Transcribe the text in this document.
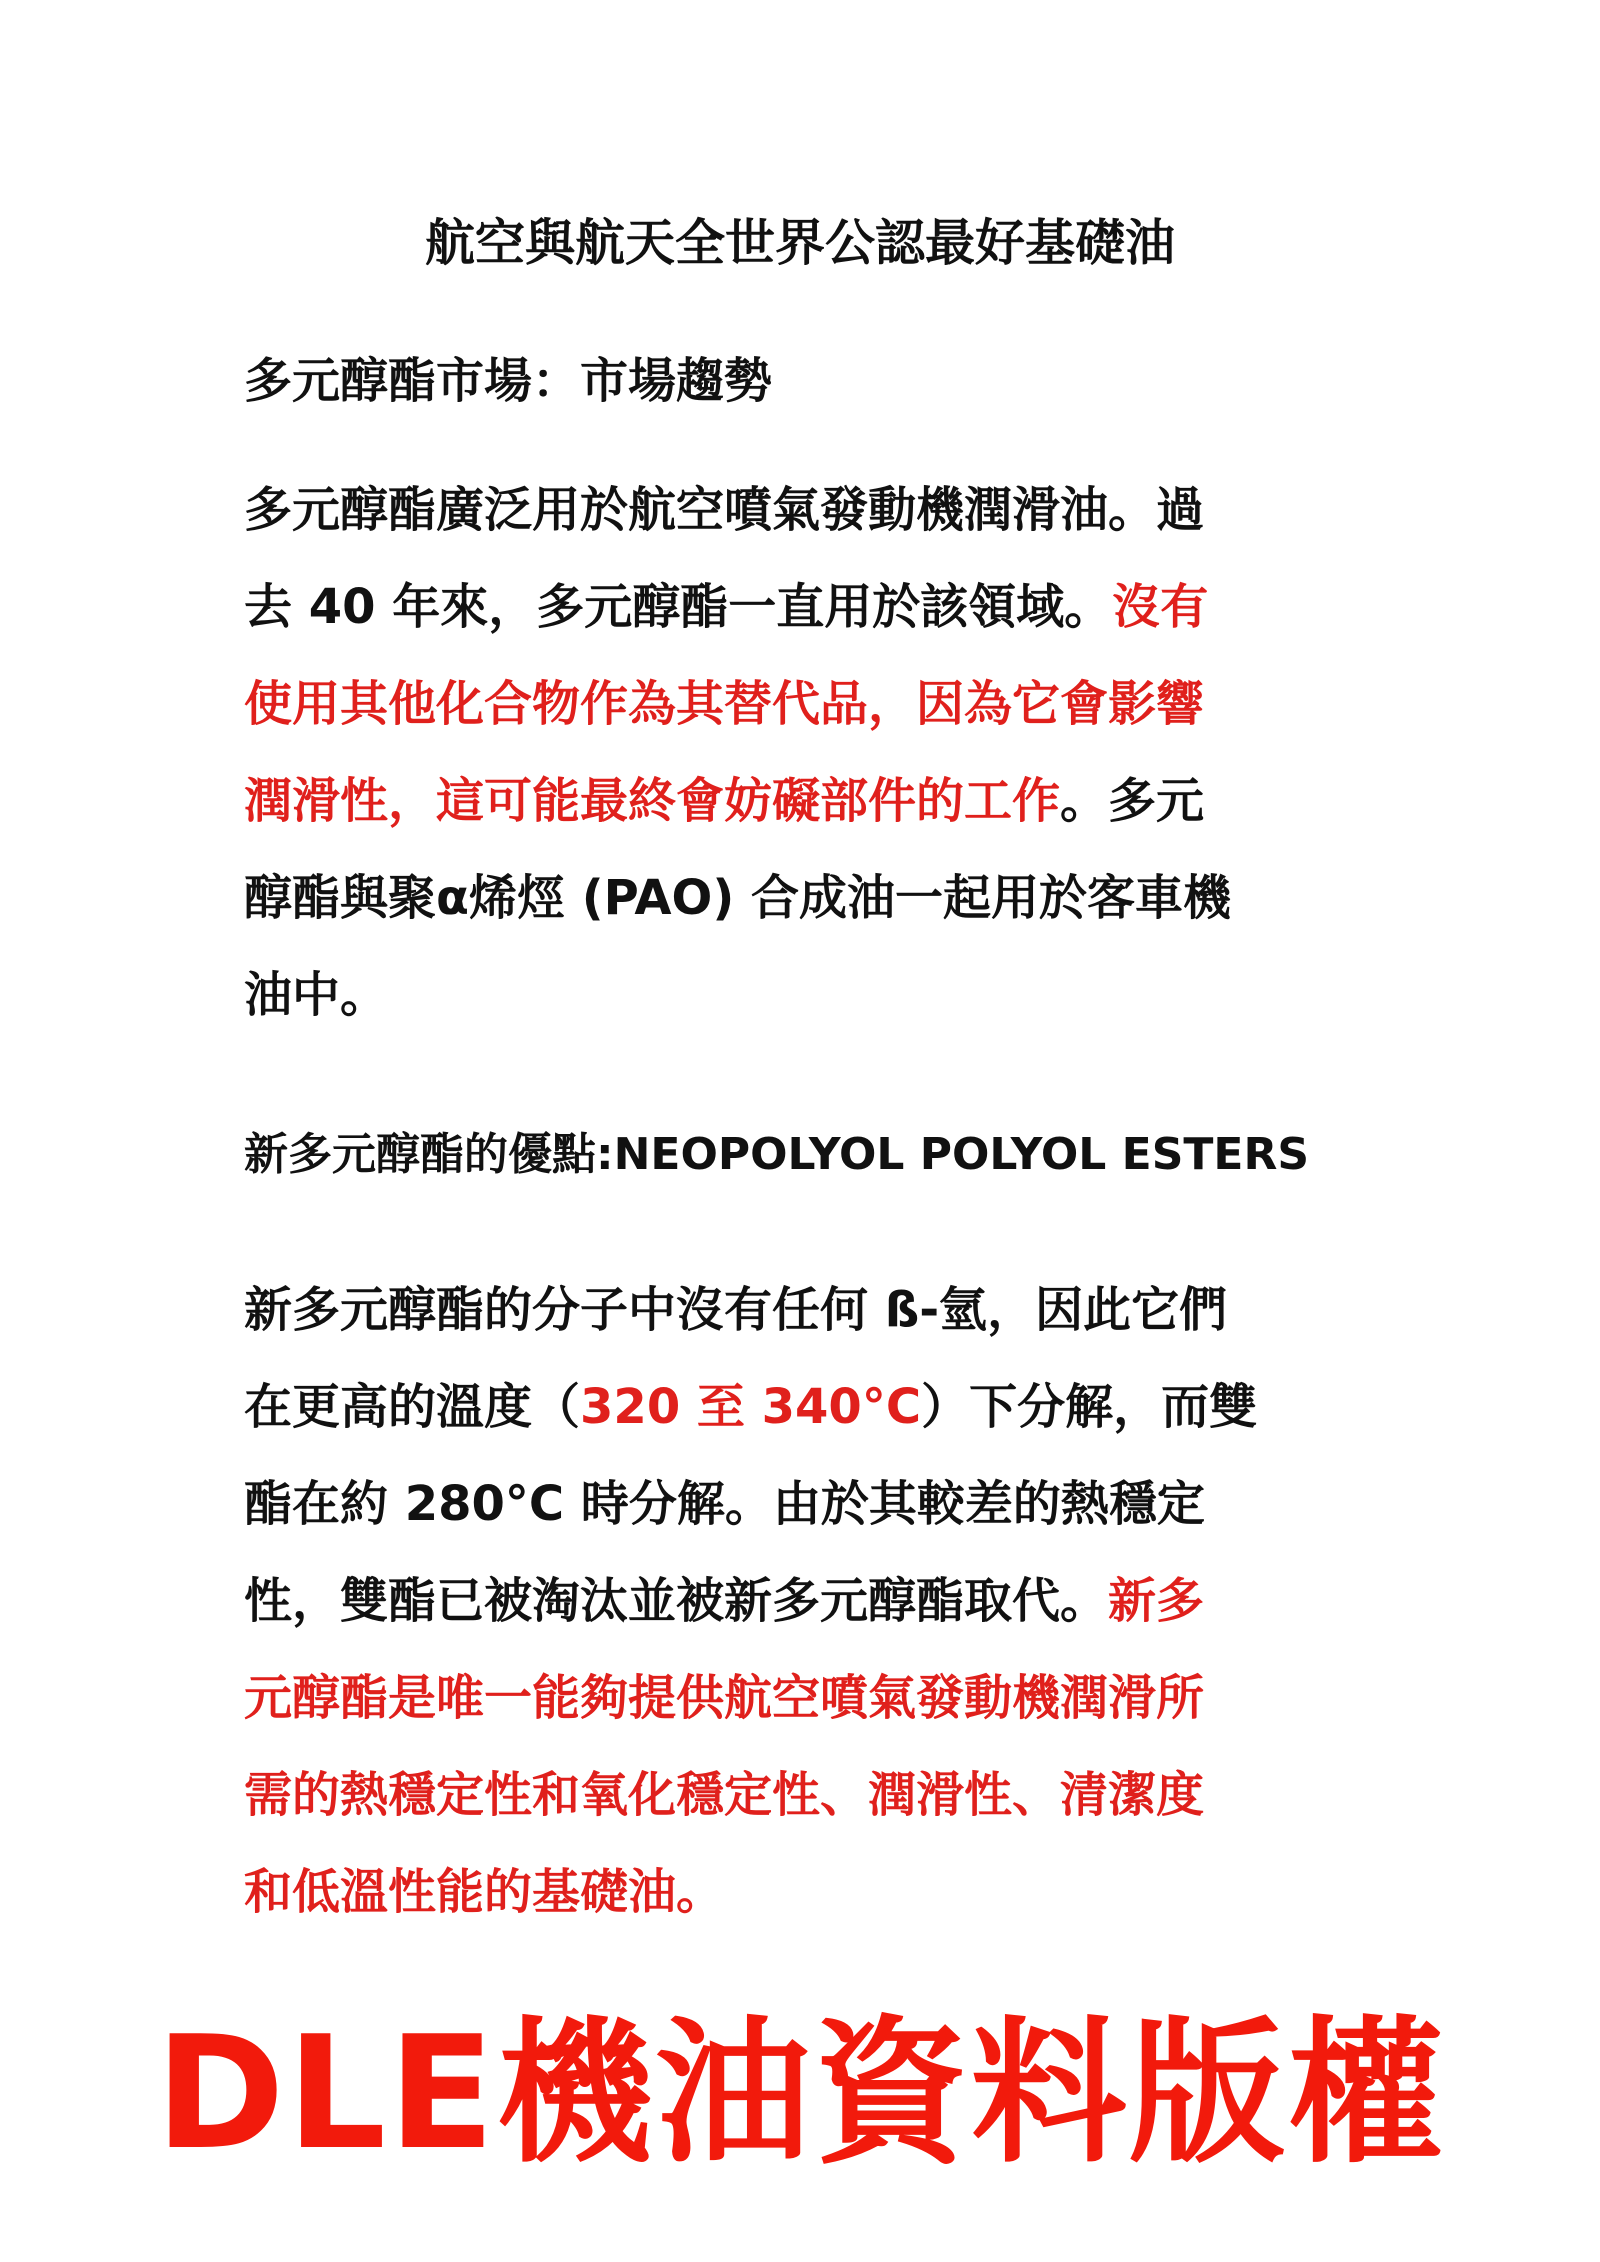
航空與航天全世界公認最好基礎油
多元醇酯市場：市場趨勢
多元醇酯廣泛用於航空噴氣發動機潤滑油。過
去 40 年來，多元醇酯一直用於該領域。沒有
使用其他化合物作為其替代品，因為它會影響
潤滑性，這可能最終會妨礙部件的工作。多元
醇酯與聚α烯烴 (PAO) 合成油一起用於客車機
油中。
新多元醇酯的優點:NEOPOLYOL POLYOL ESTERS
新多元醇酯的分子中沒有任何 ß-氫，因此它們
在更高的溫度（320 至 340°C）下分解，而雙
酯在約 280°C 時分解。由於其較差的熱穩定
性，雙酯已被淘汰並被新多元醇酯取代。新多
元醇酯是唯一能夠提供航空噴氣發動機潤滑所
需的熱穩定性和氧化穩定性、潤滑性、清潔度
和低溫性能的基礎油。
DLE機油資料版權
